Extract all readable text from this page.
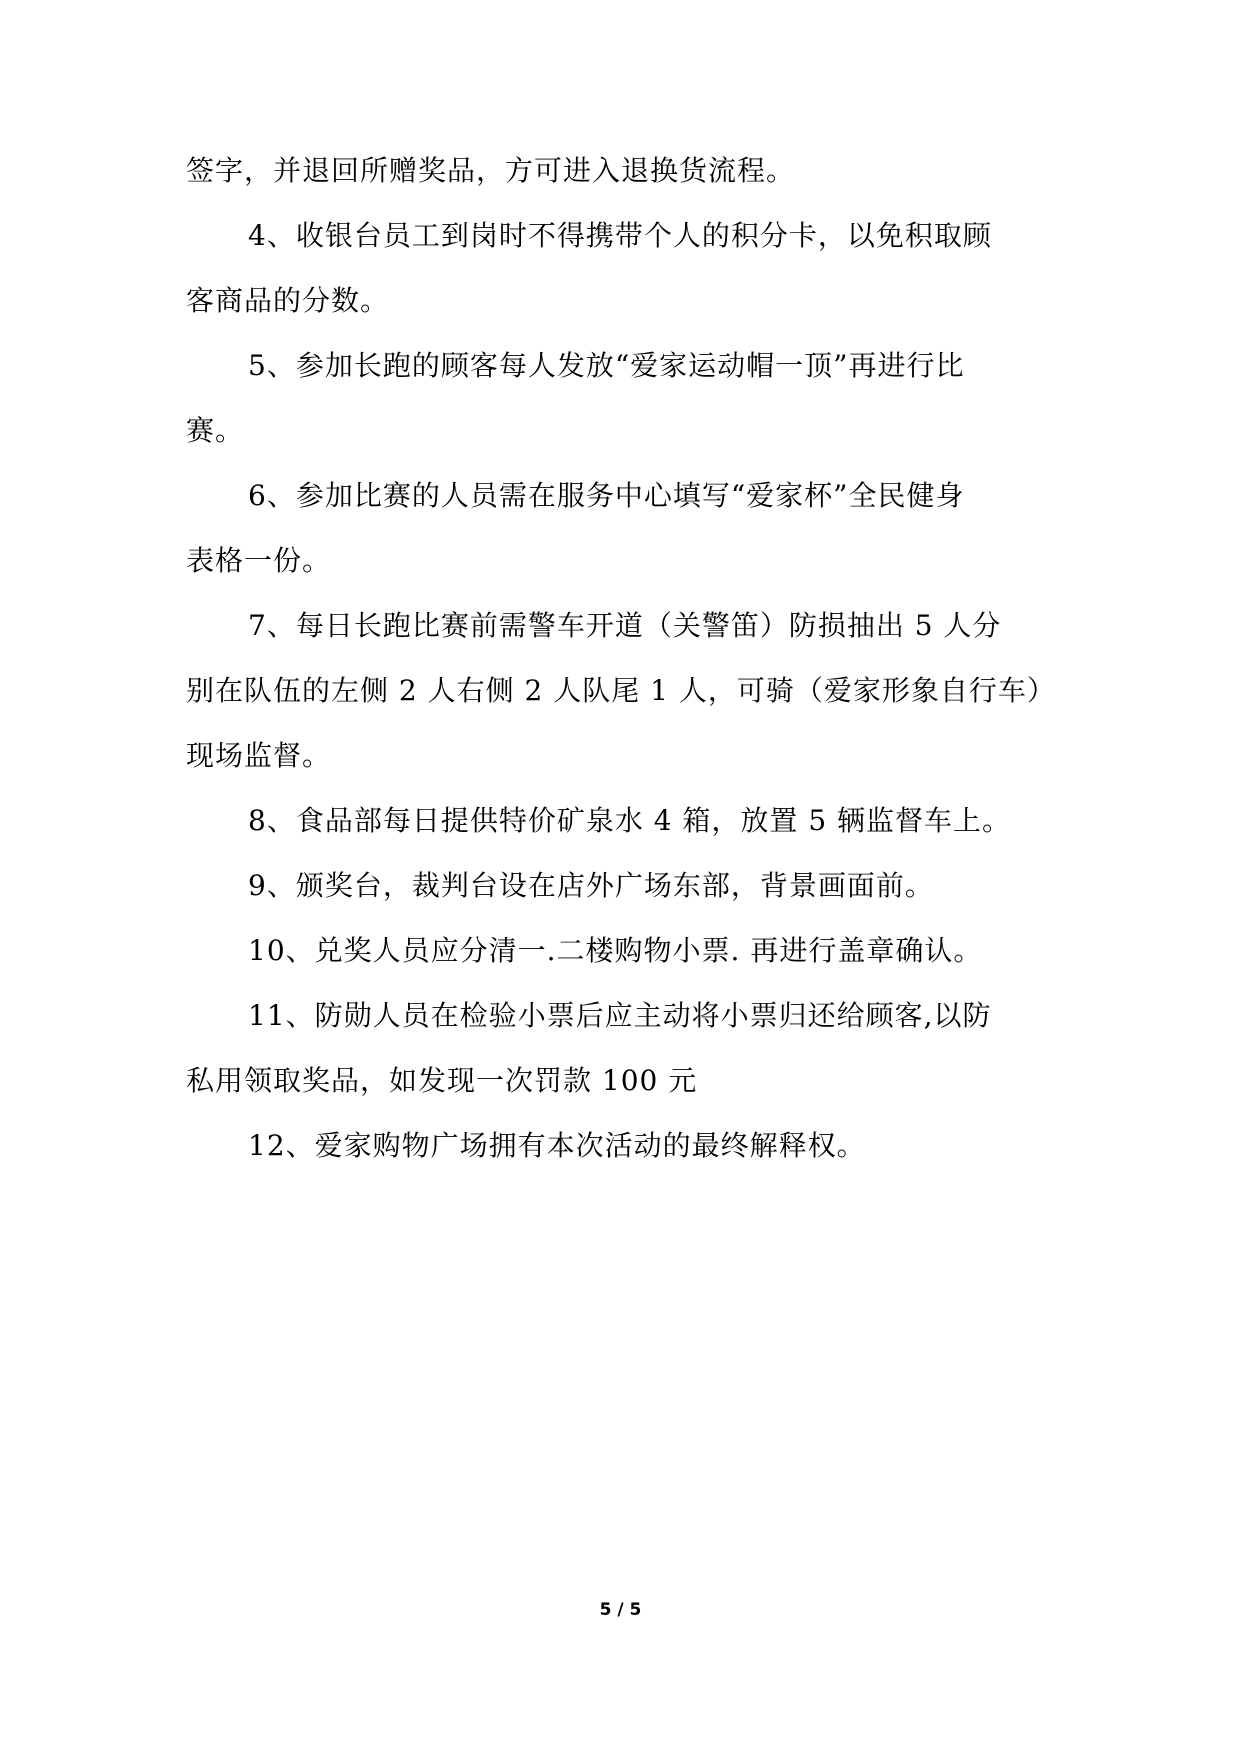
签字，并退回所赠奖品，方可进入退换货流程。
4、收银台员工到岗时不得携带个人的积分卡，以免积取顾
客商品的分数。
5、参加长跑的顾客每人发放“爱家运动帽一顶”再进行比
赛。
6、参加比赛的人员需在服务中心填写“爱家杯”全民健身
表格一份。
7、每日长跑比赛前需警车开道（关警笛）防损抽出 5 人分
别在队伍的左侧 2 人右侧 2 人队尾 1 人，可骑（爱家形象自行车）
现场监督。
8、食品部每日提供特价矿泉水 4 箱，放置 5 辆监督车上。
9、颁奖台，裁判台设在店外广场东部，背景画面前。
10、兑奖人员应分清一.二楼购物小票. 再进行盖章确认。
11、防勋人员在检验小票后应主动将小票归还给顾客,以防
私用领取奖品，如发现一次罚款 100 元
12、爱家购物广场拥有本次活动的最终解释权。
5 / 5
